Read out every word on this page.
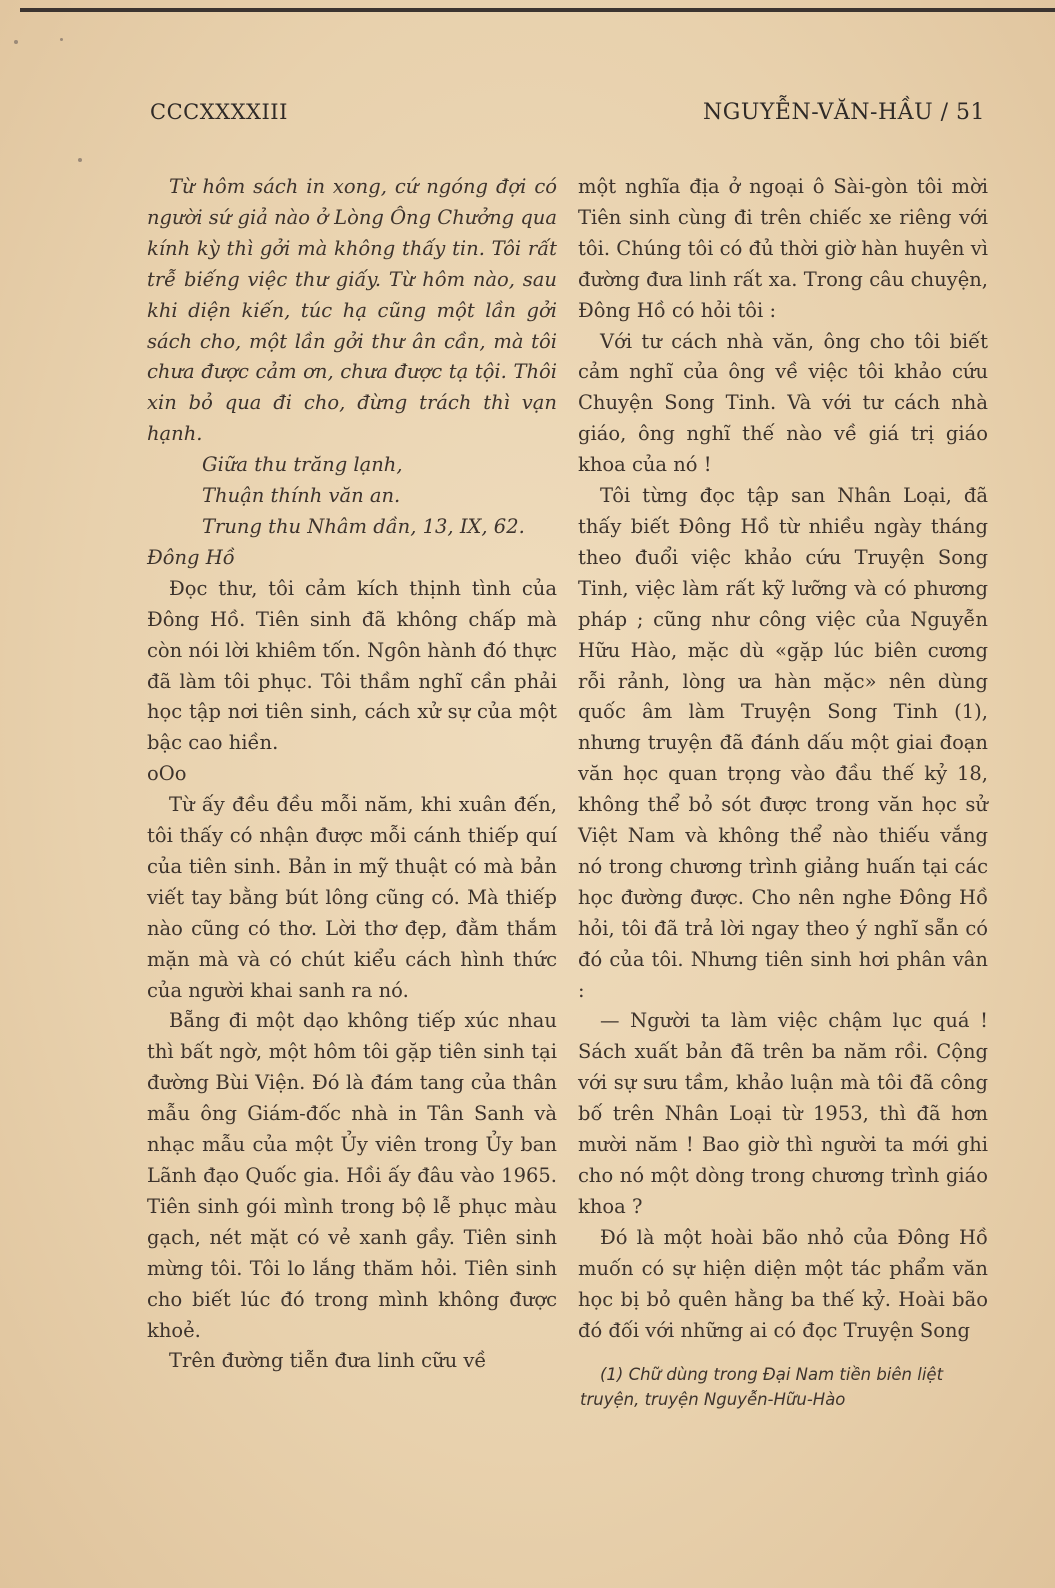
CCCXXXXIII	NGUYỄN-VĂN-HẦU / 51

Từ hôm sách in xong, cứ ngóng đợi có người sứ giả nào ở Lòng Ông Chưởng qua kính kỳ thì gởi mà không thấy tin. Tôi rất trễ biếng việc thư giấy. Từ hôm nào, sau khi diện kiến, túc hạ cũng một lần gởi sách cho, một lần gởi thư ân cần, mà tôi chưa được cảm ơn, chưa được tạ tội. Thôi xin bỏ qua đi cho, đừng trách thì vạn hạnh.

Giữa thu trăng lạnh,

Thuận thính văn an.

Trung thu Nhâm dần, 13, IX, 62.

Đông Hồ

Đọc thư, tôi cảm kích thịnh tình của Đông Hồ. Tiên sinh đã không chấp mà còn nói lời khiêm tốn. Ngôn hành đó thực đã làm tôi phục. Tôi thầm nghĩ cần phải học tập nơi tiên sinh, cách xử sự của một bậc cao hiền.

oOo

Từ ấy đều đều mỗi năm, khi xuân đến, tôi thấy có nhận được mỗi cánh thiếp quí của tiên sinh. Bản in mỹ thuật có mà bản viết tay bằng bút lông cũng có. Mà thiếp nào cũng có thơ. Lời thơ đẹp, đằm thắm mặn mà và có chút kiểu cách hình thức của người khai sanh ra nó.

Bẵng đi một dạo không tiếp xúc nhau thì bất ngờ, một hôm tôi gặp tiên sinh tại đường Bùi Viện. Đó là đám tang của thân mẫu ông Giám-đốc nhà in Tân Sanh và nhạc mẫu của một Ủy viên trong Ủy ban Lãnh đạo Quốc gia. Hồi ấy đâu vào 1965. Tiên sinh gói mình trong bộ lễ phục màu gạch, nét mặt có vẻ xanh gầy. Tiên sinh mừng tôi. Tôi lo lắng thăm hỏi. Tiên sinh cho biết lúc đó trong mình không được khoẻ.

Trên đường tiễn đưa linh cữu về

một nghĩa địa ở ngoại ô Sài-gòn tôi mời Tiên sinh cùng đi trên chiếc xe riêng với tôi. Chúng tôi có đủ thời giờ hàn huyên vì đường đưa linh rất xa. Trong câu chuyện, Đông Hồ có hỏi tôi :

Với tư cách nhà văn, ông cho tôi biết cảm nghĩ của ông về việc tôi khảo cứu Chuyện Song Tinh. Và với tư cách nhà giáo, ông nghĩ thế nào về giá trị giáo khoa của nó !

Tôi từng đọc tập san Nhân Loại, đã thấy biết Đông Hồ từ nhiều ngày tháng theo đuổi việc khảo cứu Truyện Song Tinh, việc làm rất kỹ lưỡng và có phương pháp ; cũng như công việc của Nguyễn Hữu Hào, mặc dù «gặp lúc biên cương rỗi rảnh, lòng ưa hàn mặc» nên dùng quốc âm làm Truyện Song Tinh (1), nhưng truyện đã đánh dấu một giai đoạn văn học quan trọng vào đầu thế kỷ 18, không thể bỏ sót được trong văn học sử Việt Nam và không thể nào thiếu vắng nó trong chương trình giảng huấn tại các học đường được. Cho nên nghe Đông Hồ hỏi, tôi đã trả lời ngay theo ý nghĩ sẵn có đó của tôi. Nhưng tiên sinh hơi phân vân :

— Người ta làm việc chậm lục quá ! Sách xuất bản đã trên ba năm rồi. Cộng với sự sưu tầm, khảo luận mà tôi đã công bố trên Nhân Loại từ 1953, thì đã hơn mười năm ! Bao giờ thì người ta mới ghi cho nó một dòng trong chương trình giáo khoa ?

Đó là một hoài bão nhỏ của Đông Hồ muốn có sự hiện diện một tác phẩm văn học bị bỏ quên hằng ba thế kỷ. Hoài bão đó đối với những ai có đọc Truyện Song

(1) Chữ dùng trong Đại Nam tiền biên liệt truyện, truyện Nguyễn-Hữu-Hào
